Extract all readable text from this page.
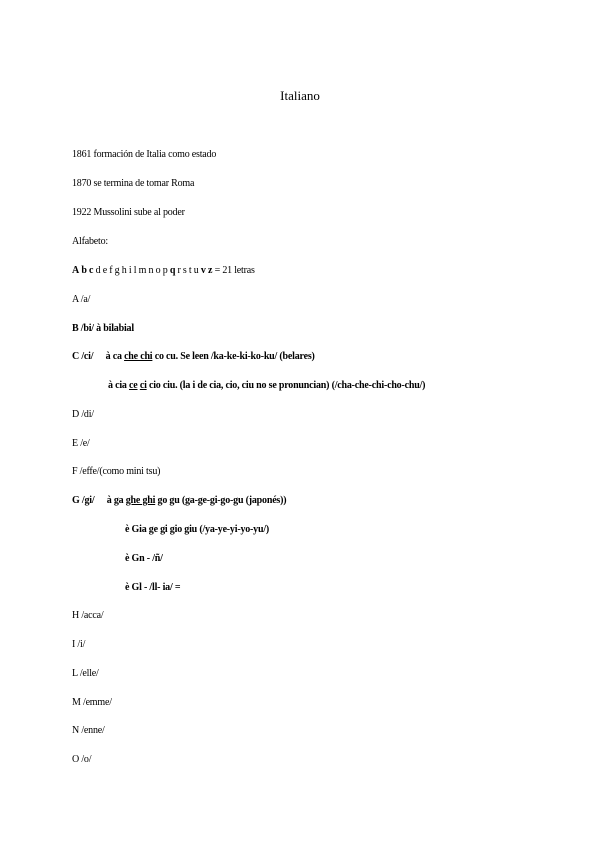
Italiano
1861 formación de Italia como estado
1870 se termina de tomar Roma
1922 Mussolini sube al poder
Alfabeto:
A b c d e f g h i l m n o p q r s t u v z = 21 letras
A /a/
B /bi/ à bilabial
C /ci/ à ca che chi co cu. Se leen /ka-ke-ki-ko-ku/ (belares)
à cia ce ci cio ciu. (la i de cia, cio, ciu no se pronuncian) (/cha-che-chi-cho-chu/)
D /di/
E /e/
F /effe/(como mini tsu)
G /gi/ à ga ghe ghi go gu (ga-ge-gi-go-gu (japonés))
è Gia ge gi gio giu (/ya-ye-yi-yo-yu/)
è Gn - /ñ/
è Gl - /ll- ia/ =
H /acca/
I /i/
L /elle/
M /emme/
N /enne/
O /o/
